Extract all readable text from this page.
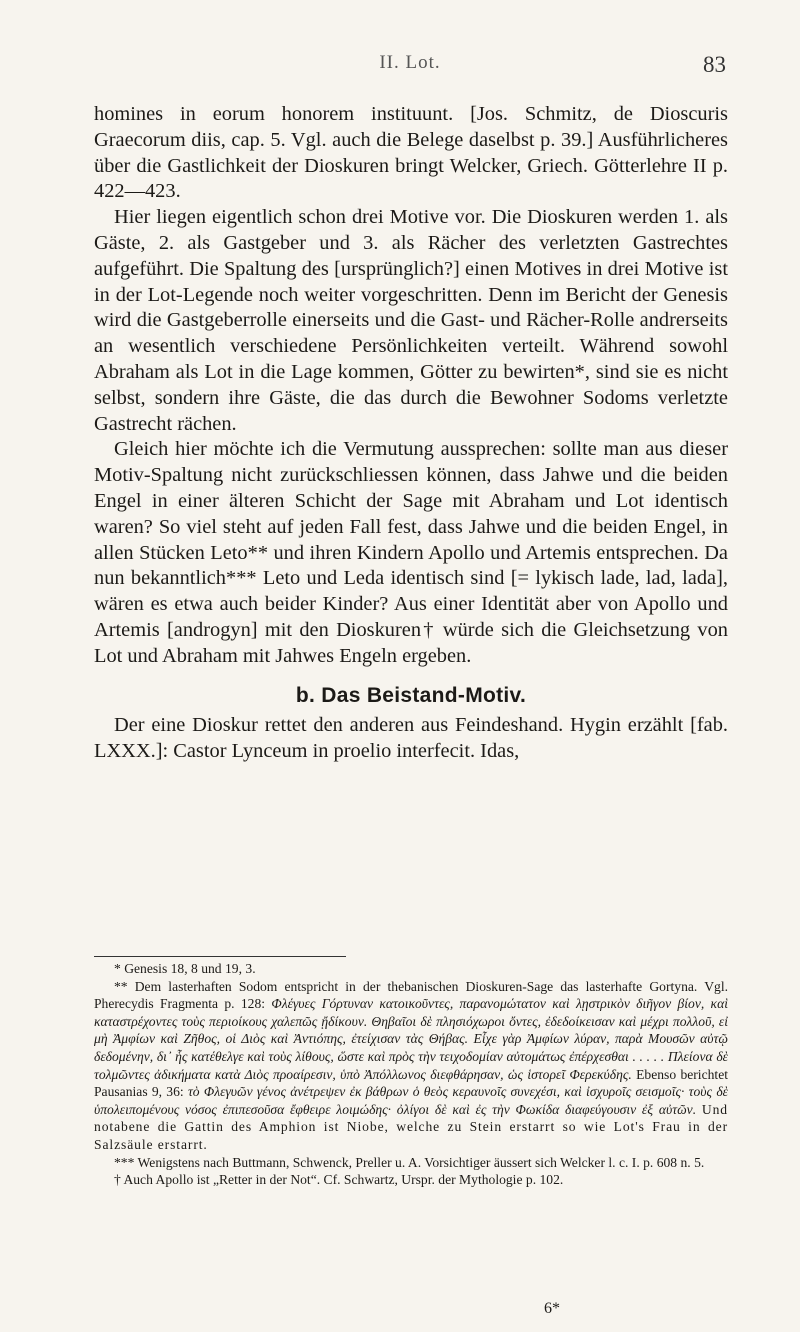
II. Lot.	83

homines in eorum honorem instituunt. [Jos. Schmitz, de Dioscuris Graecorum diis, cap. 5. Vgl. auch die Belege daselbst p. 39.] Ausführlicheres über die Gastlichkeit der Dioskuren bringt Welcker, Griech. Götterlehre II p. 422—423.

Hier liegen eigentlich schon drei Motive vor. Die Dioskuren werden 1. als Gäste, 2. als Gastgeber und 3. als Rächer des verletzten Gastrechtes aufgeführt. Die Spaltung des [ursprünglich?] einen Motives in drei Motive ist in der Lot-Legende noch weiter vorgeschritten. Denn im Bericht der Genesis wird die Gastgeberrolle einerseits und die Gast- und Rächer-Rolle andrerseits an wesentlich verschiedene Persönlichkeiten verteilt. Während sowohl Abraham als Lot in die Lage kommen, Götter zu bewirten*, sind sie es nicht selbst, sondern ihre Gäste, die das durch die Bewohner Sodoms verletzte Gastrecht rächen.

Gleich hier möchte ich die Vermutung aussprechen: sollte man aus dieser Motiv-Spaltung nicht zurückschliessen können, dass Jahwe und die beiden Engel in einer älteren Schicht der Sage mit Abraham und Lot identisch waren? So viel steht auf jeden Fall fest, dass Jahwe und die beiden Engel, in allen Stücken Leto** und ihren Kindern Apollo und Artemis entsprechen. Da nun bekanntlich*** Leto und Leda identisch sind [= lykisch lade, lad, lada], wären es etwa auch beider Kinder? Aus einer Identität aber von Apollo und Artemis [androgyn] mit den Dioskuren† würde sich die Gleichsetzung von Lot und Abraham mit Jahwes Engeln ergeben.

b. Das Beistand-Motiv.

Der eine Dioskur rettet den anderen aus Feindeshand. Hygin erzählt [fab. LXXX.]: Castor Lynceum in proelio interfecit. Idas,

* Genesis 18, 8 und 19, 3.

** Dem lasterhaften Sodom entspricht in der thebanischen Dioskuren-Sage das lasterhafte Gortyna. Vgl. Pherecydis Fragmenta p. 128: Φλέγυες Γόρτυναν κατοικοῦντες, παρανομώτατον καὶ λῃστρικὸν διῆγον βίον, καὶ καταστρέχοντες τοὺς περιοίκους χαλεπῶς ᾔδίκουν. Θηβαῖοι δὲ πλησιόχωροι ὄντες, ἐδεδοίκεισαν καὶ μέχρι πολλοῦ, εἰ μὴ Ἀμφίων καὶ Ζῆθος, οἱ Διὸς καὶ Ἀντιόπης, ἐτείχισαν τὰς Θήβας. Εἶχε γὰρ Ἀμφίων λύραν, παρὰ Μουσῶν αὐτῷ δεδομένην, δι᾽ ἧς κατέθελγε καὶ τοὺς λίθους, ὥστε καὶ πρὸς τὴν τειχοδομίαν αὐτομάτως ἐπέρχεσθαι . . . . . Πλείονα δὲ τολμῶντες ἀδικήματα κατὰ Διὸς προαίρεσιν, ὑπὸ Ἀπόλλωνος διεφθάρησαν, ὡς ἱστορεῖ Φερεκύδης. Ebenso berichtet Pausanias 9, 36: τὸ Φλεγυῶν γένος ἀνέτρεψεν ἐκ βάθρων ὁ θεὸς κεραυνοῖς συνεχέσι, καὶ ἰσχυροῖς σεισμοῖς· τοὺς δὲ ὑπολειπομένους νόσος ἐπιπεσοῦσα ἔφθειρε λοιμώδης· ὀλίγοι δὲ καὶ ἐς τὴν Φωκίδα διαφεύγουσιν ἐξ αὐτῶν. Und notabene die Gattin des Amphion ist Niobe, welche zu Stein erstarrt so wie Lot's Frau in der Salzsäule erstarrt.

*** Wenigstens nach Buttmann, Schwenck, Preller u. A. Vorsichtiger äussert sich Welcker l. c. I. p. 608 n. 5.

† Auch Apollo ist „Retter in der Not“. Cf. Schwartz, Urspr. der Mythologie p. 102.

6*
